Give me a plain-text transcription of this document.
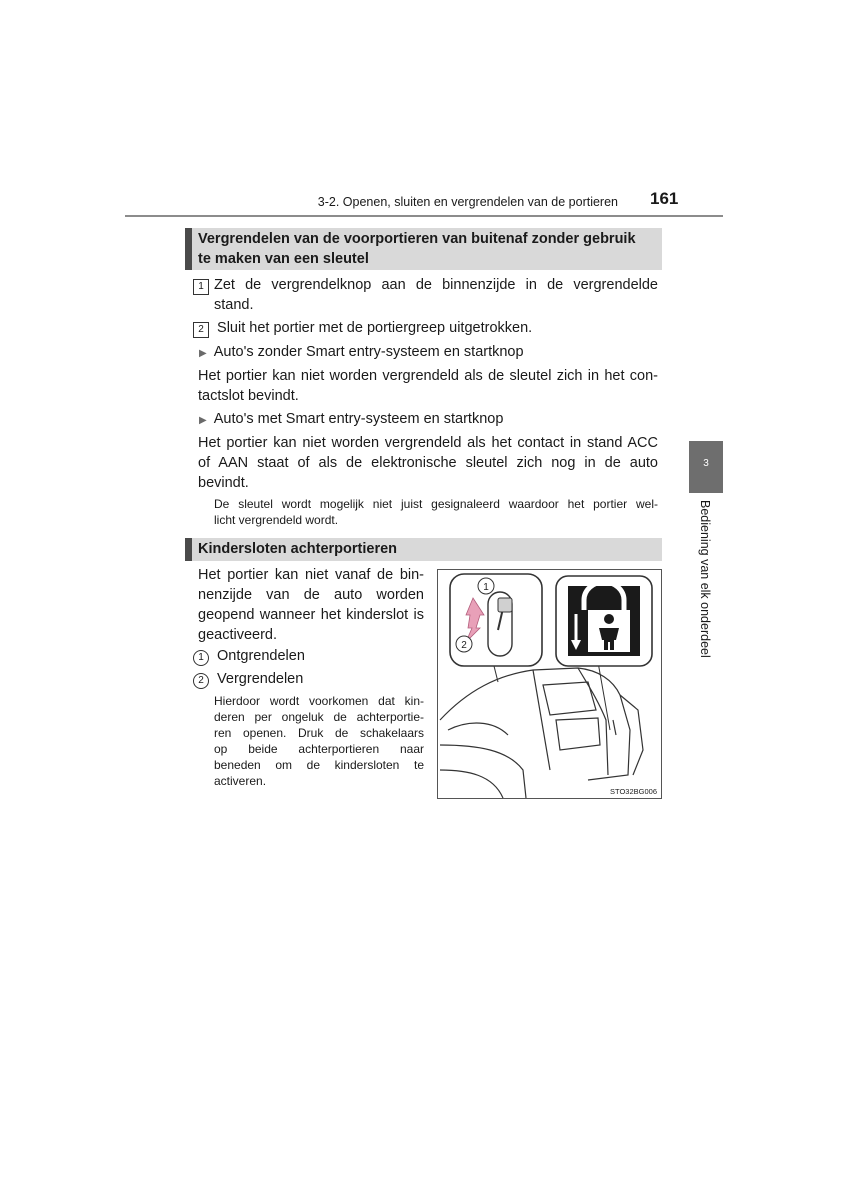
3-2. Openen, sluiten en vergrendelen van de portieren 161
3
Bediening van elk onderdeel
Vergrendelen van de voorportieren van buitenaf zonder gebruik
te maken van een sleutel
1 Zet de vergrendelknop aan de binnenzijde in de vergrendelde
stand.
2 Sluit het portier met de portiergreep uitgetrokken.
▶ Auto's zonder Smart entry-systeem en startknop
Het portier kan niet worden vergrendeld als de sleutel zich in het con-
tactslot bevindt.
▶ Auto's met Smart entry-systeem en startknop
Het portier kan niet worden vergrendeld als het contact in stand ACC
of AAN staat of als de elektronische sleutel zich nog in de auto
bevindt.
De sleutel wordt mogelijk niet juist gesignaleerd waardoor het portier wel-
licht vergrendeld wordt.
Kindersloten achterportieren
Het portier kan niet vanaf de bin-
nenzijde van de auto worden
geopend wanneer het kinderslot is
geactiveerd.
1 Ontgrendelen
2 Vergrendelen
Hierdoor wordt voorkomen dat kin-
deren per ongeluk de achterportie-
ren openen. Druk de schakelaars
op beide achterportieren naar
beneden om de kindersloten te
activeren.
1
2
STO32BG006
